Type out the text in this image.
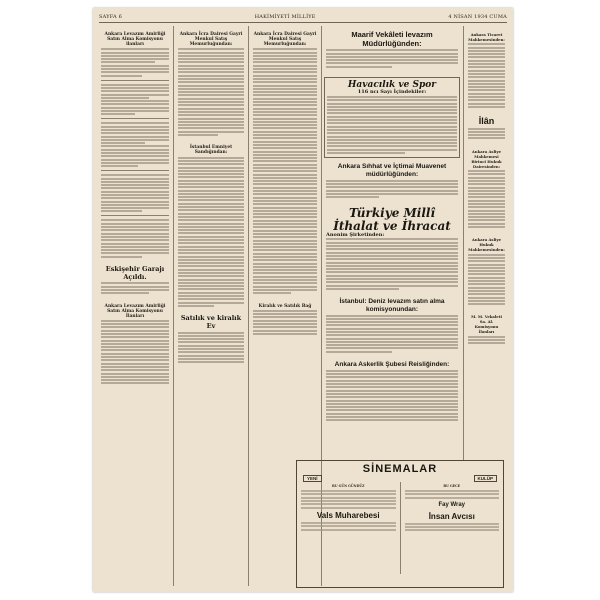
SAYFA 6	HAKİMİYETİ MİLLİYE	4 NİSAN 1934 CUMA
Ankara Levazım Amirliği Satın Alma Komisyonu ilanları
Eskişehir Garajı Açıldı.
Ankara Levazım Amirliği Satın Alma Komisyonu İlanları
Ankara İcra Dairesi Gayri Menkul Satış Memurluğundan:
İstanbul Emniyet Sandığından:
Satılık ve kiralık Ev
Ankara İcra Dairesi Gayri Menkul Satış Memurluğundan:
Kiralık ve Satılık Bağ
Maarif Vekâleti levazım Müdürlüğünden:
Havacılık ve Spor
116 ncı Sayı İçindekiler:
Ankara Sıhhat ve İçtimai Muavenet müdürlüğünden:
Türkiye Millî
İthalat ve İhracat
Anonim Şirketinden:
İstanbul: Deniz levazım satın alma komisyonundan:
Ankara Askerlik Şubesi Reisliğinden:
Ankara Ticaret Mahkemesinden:
İlân
Ankara Asliye Mahkemesi Birinci Hukuk Dairesinden:
Ankara Asliye Hukuk Mahkemesinden:
M. M. Vekaleti Sa. Al. Komisyonu İlanları
SİNEMALAR
YENİ	KULÜP
BU GÜN GÜNDÜZ
Vals Muharebesi
BU GECE
Fay Wray
İnsan Avcısı
